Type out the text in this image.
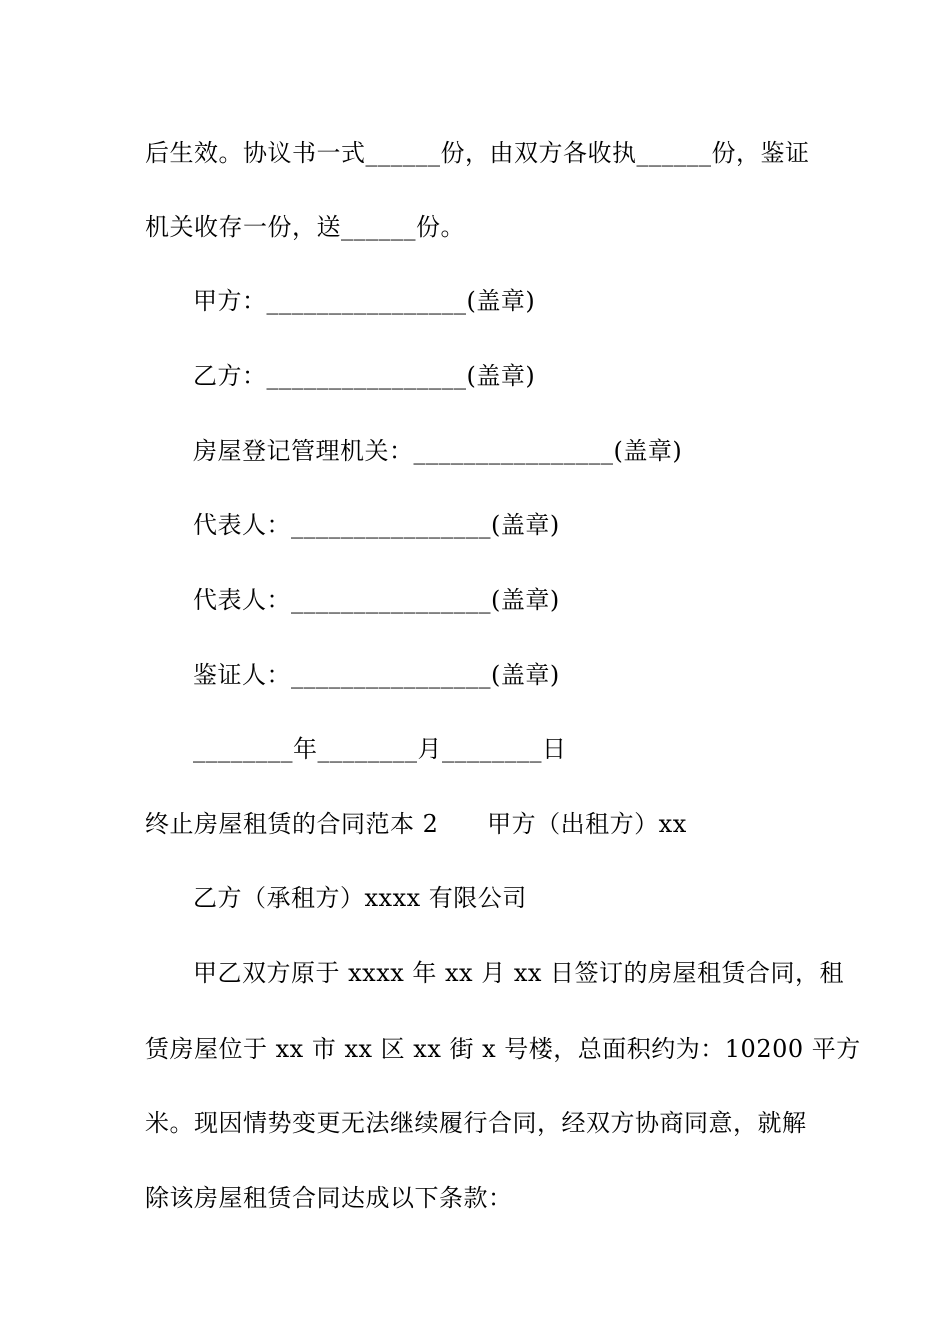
后生效。协议书一式______份，由双方各收执______份，鉴证
机关收存一份，送______份。
甲方：________________(盖章)
乙方：________________(盖章)
房屋登记管理机关：________________(盖章)
代表人：________________(盖章)
代表人：________________(盖章)
鉴证人：________________(盖章)
________年________月________日
终止房屋租赁的合同范本 2      甲方（出租方）xx
乙方（承租方）xxxx 有限公司
甲乙双方原于 xxxx 年 xx 月 xx 日签订的房屋租赁合同，租
赁房屋位于 xx 市 xx 区 xx 街 x 号楼，总面积约为：10200 平方
米。现因情势变更无法继续履行合同，经双方协商同意，就解
除该房屋租赁合同达成以下条款：
